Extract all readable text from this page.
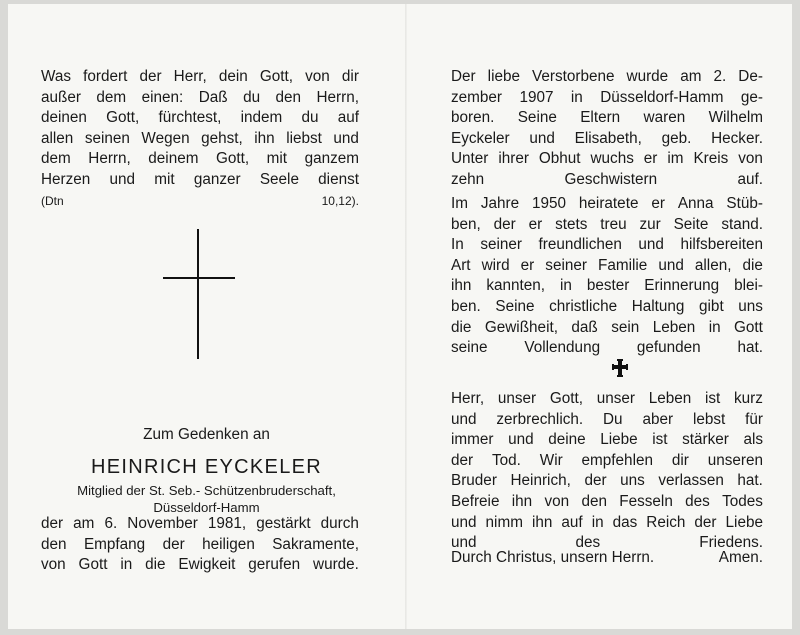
Was fordert der Herr, dein Gott, von dir
außer dem einen: Daß du den Herrn,
deinen Gott, fürchtest, indem du auf
allen seinen Wegen gehst, ihn liebst und
dem Herrn, deinem Gott, mit ganzem
Herzen und mit ganzer Seele dienst
(Dtn 10,12).
Zum Gedenken an
HEINRICH EYCKELER
Mitglied der St. Seb.- Schützenbruderschaft,
Düsseldorf-Hamm
der am 6. November 1981, gestärkt durch
den Empfang der heiligen Sakramente,
von Gott in die Ewigkeit gerufen wurde.
Der liebe Verstorbene wurde am 2. De-
zember 1907 in Düsseldorf-Hamm ge-
boren. Seine Eltern waren Wilhelm
Eyckeler und Elisabeth, geb. Hecker.
Unter ihrer Obhut wuchs er im Kreis von
zehn Geschwistern auf.
Im Jahre 1950 heiratete er Anna Stüb-
ben, der er stets treu zur Seite stand.
In seiner freundlichen und hilfsbereiten
Art wird er seiner Familie und allen, die
ihn kannten, in bester Erinnerung blei-
ben. Seine christliche Haltung gibt uns
die Gewißheit, daß sein Leben in Gott
seine Vollendung gefunden hat.
Herr, unser Gott, unser Leben ist kurz
und zerbrechlich. Du aber lebst für
immer und deine Liebe ist stärker als
der Tod. Wir empfehlen dir unseren
Bruder Heinrich, der uns verlassen hat.
Befreie ihn von den Fesseln des Todes
und nimm ihn auf in das Reich der Liebe
und des Friedens.
Durch Christus, unsern Herrn.	Amen.
